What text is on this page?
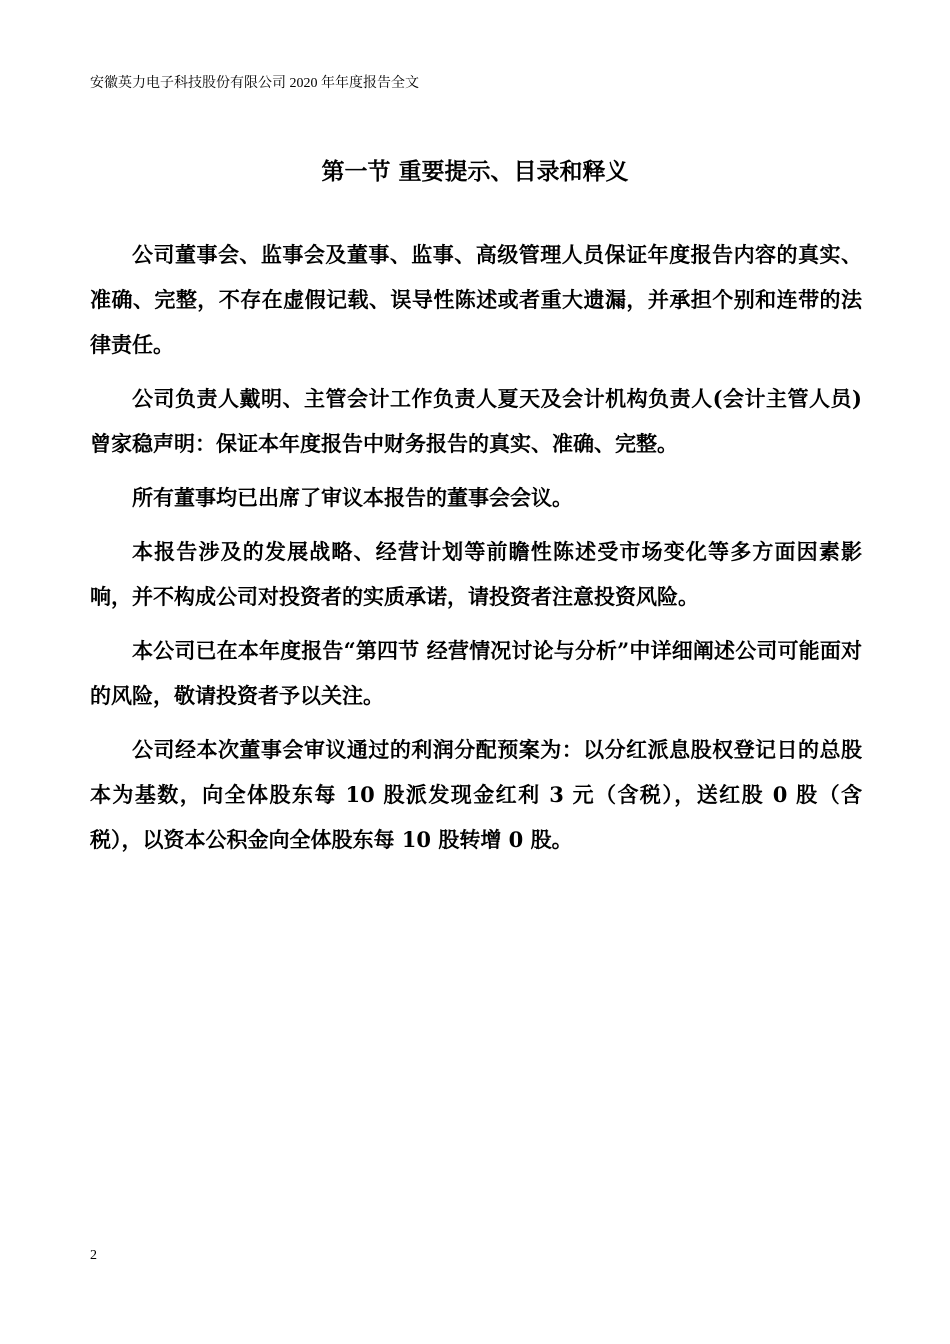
安徽英力电子科技股份有限公司 2020 年年度报告全文
第一节 重要提示、目录和释义

公司董事会、监事会及董事、监事、高级管理人员保证年度报告内容的真实、准确、完整，不存在虚假记载、误导性陈述或者重大遗漏，并承担个别和连带的法律责任。

公司负责人戴明、主管会计工作负责人夏天及会计机构负责人(会计主管人员)曾家稳声明：保证本年度报告中财务报告的真实、准确、完整。

所有董事均已出席了审议本报告的董事会会议。

本报告涉及的发展战略、经营计划等前瞻性陈述受市场变化等多方面因素影响，并不构成公司对投资者的实质承诺，请投资者注意投资风险。

本公司已在本年度报告“第四节 经营情况讨论与分析”中详细阐述公司可能面对的风险，敬请投资者予以关注。

公司经本次董事会审议通过的利润分配预案为：以分红派息股权登记日的总股本为基数，向全体股东每 10 股派发现金红利 3 元（含税），送红股 0 股（含税），以资本公积金向全体股东每 10 股转增 0 股。

2
